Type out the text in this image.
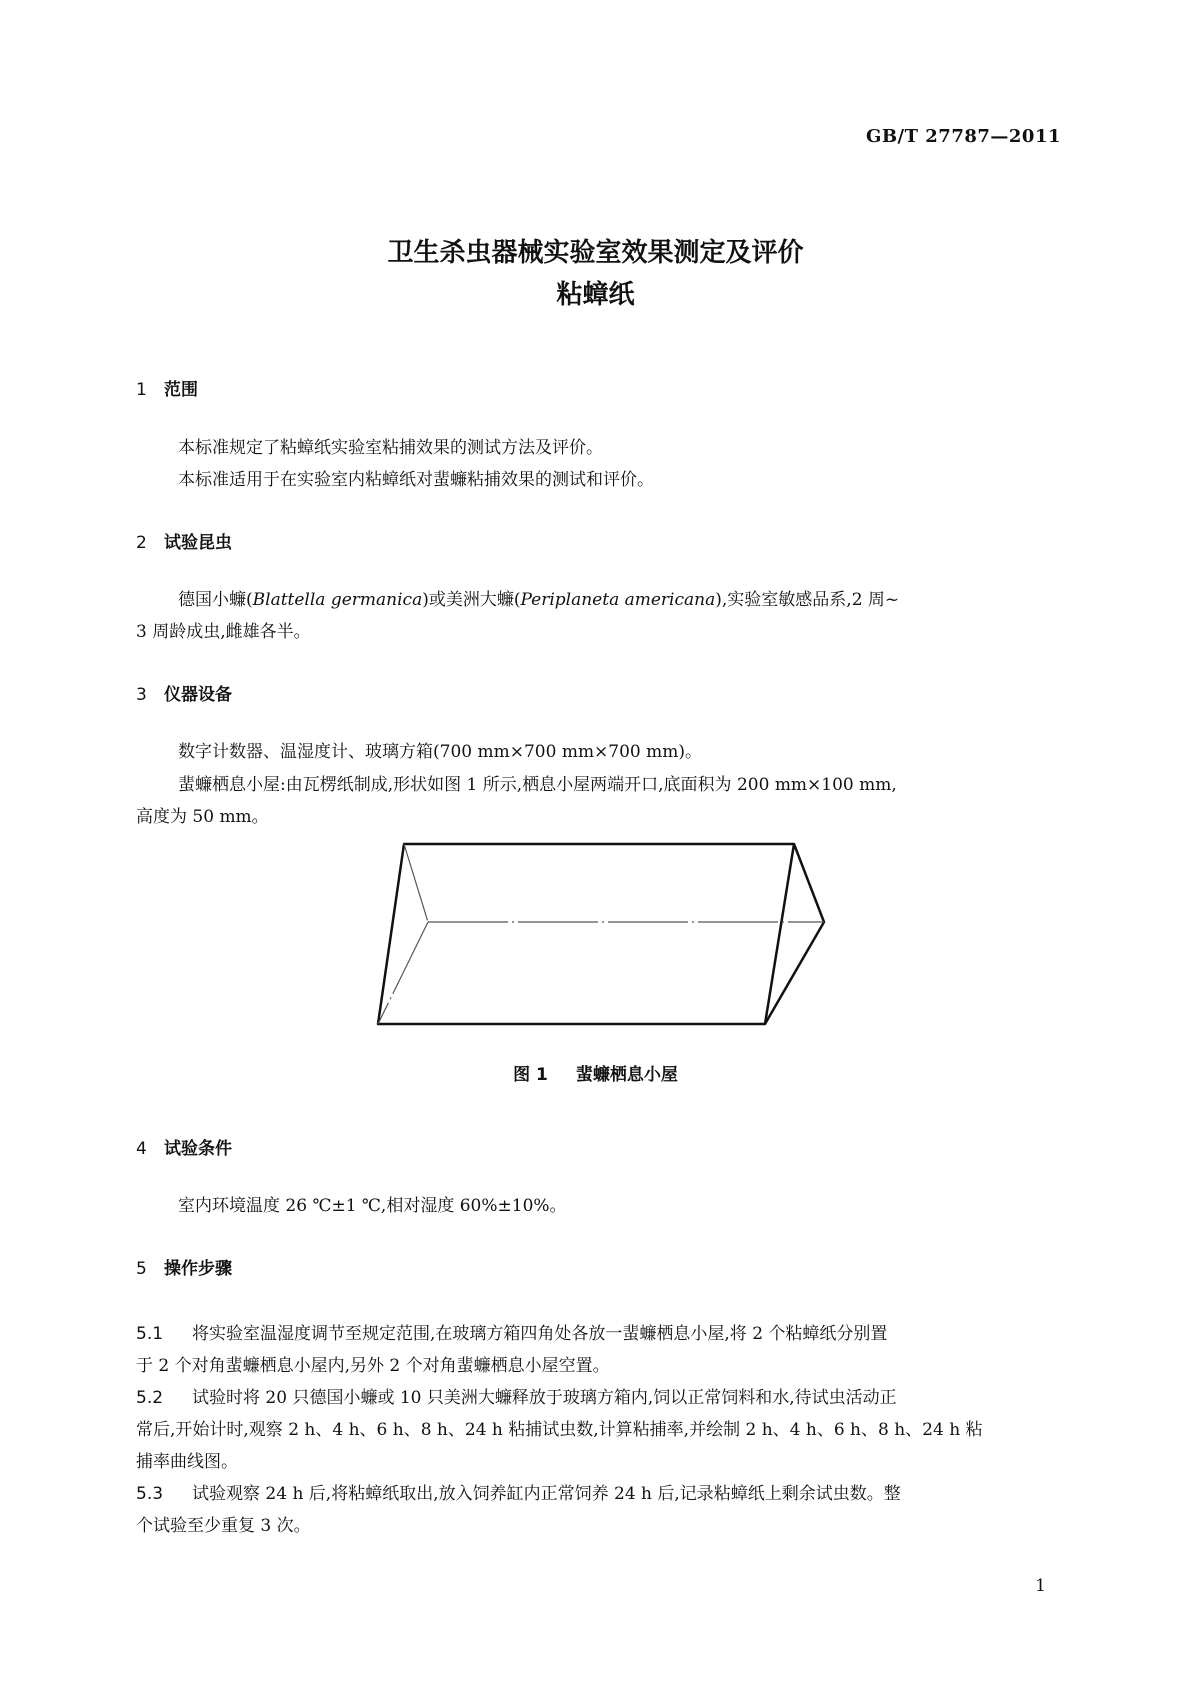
GB/T 27787—2011
卫生杀虫器械实验室效果测定及评价
粘蟑纸
1 范围
本标准规定了粘蟑纸实验室粘捕效果的测试方法及评价。
本标准适用于在实验室内粘蟑纸对蜚蠊粘捕效果的测试和评价。
2 试验昆虫
德国小蠊(Blattella germanica)或美洲大蠊(Periplaneta americana),实验室敏感品系,2 周~
3 周龄成虫,雌雄各半。
3 仪器设备
数字计数器、温湿度计、玻璃方箱(700 mm×700 mm×700 mm)。
蜚蠊栖息小屋:由瓦楞纸制成,形状如图 1 所示,栖息小屋两端开口,底面积为 200 mm×100 mm,
高度为 50 mm。
图 1 蜚蠊栖息小屋
4 试验条件
室内环境温度 26 ℃±1 ℃,相对湿度 60%±10%。
5 操作步骤
5.1 将实验室温湿度调节至规定范围,在玻璃方箱四角处各放一蜚蠊栖息小屋,将 2 个粘蟑纸分别置
于 2 个对角蜚蠊栖息小屋内,另外 2 个对角蜚蠊栖息小屋空置。
5.2 试验时将 20 只德国小蠊或 10 只美洲大蠊释放于玻璃方箱内,饲以正常饲料和水,待试虫活动正
常后,开始计时,观察 2 h、4 h、6 h、8 h、24 h 粘捕试虫数,计算粘捕率,并绘制 2 h、4 h、6 h、8 h、24 h 粘
捕率曲线图。
5.3 试验观察 24 h 后,将粘蟑纸取出,放入饲养缸内正常饲养 24 h 后,记录粘蟑纸上剩余试虫数。整
个试验至少重复 3 次。
1
